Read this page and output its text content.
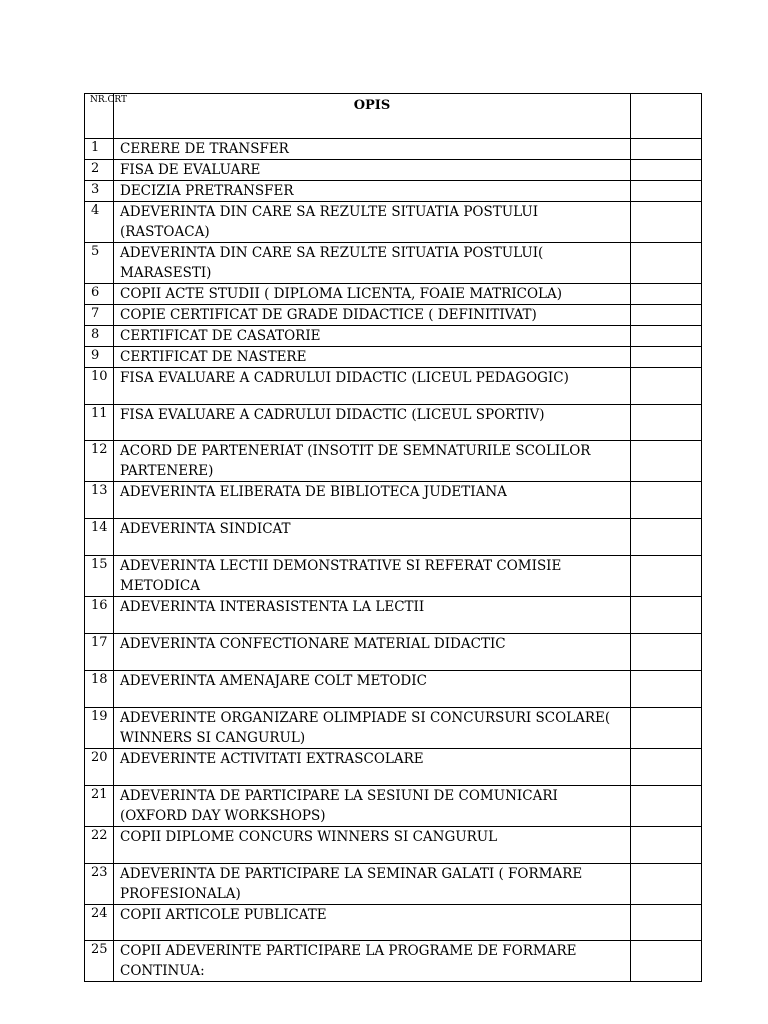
NR.CRT	OPIS	
1	CERERE DE TRANSFER	
2	FISA DE EVALUARE	
3	DECIZIA PRETRANSFER	
4	ADEVERINTA DIN CARE SA REZULTE SITUATIA POSTULUI (RASTOACA)	
5	ADEVERINTA DIN CARE SA REZULTE SITUATIA POSTULUI( MARASESTI)	
6	COPII ACTE STUDII ( DIPLOMA LICENTA, FOAIE MATRICOLA)	
7	COPIE CERTIFICAT DE GRADE DIDACTICE ( DEFINITIVAT)	
8	CERTIFICAT DE CASATORIE	
9	CERTIFICAT DE NASTERE	
10	FISA EVALUARE A CADRULUI DIDACTIC (LICEUL PEDAGOGIC)	
11	FISA EVALUARE A CADRULUI DIDACTIC (LICEUL SPORTIV)	
12	ACORD DE PARTENERIAT (INSOTIT DE SEMNATURILE SCOLILOR PARTENERE)	
13	ADEVERINTA ELIBERATA DE BIBLIOTECA JUDETIANA	
14	ADEVERINTA SINDICAT	
15	ADEVERINTA LECTII DEMONSTRATIVE SI REFERAT COMISIE METODICA	
16	ADEVERINTA INTERASISTENTA LA LECTII	
17	ADEVERINTA CONFECTIONARE MATERIAL DIDACTIC	
18	ADEVERINTA AMENAJARE COLT METODIC	
19	ADEVERINTE ORGANIZARE OLIMPIADE SI CONCURSURI SCOLARE( WINNERS SI CANGURUL)	
20	ADEVERINTE ACTIVITATI EXTRASCOLARE	
21	ADEVERINTA DE PARTICIPARE LA SESIUNI DE COMUNICARI (OXFORD DAY WORKSHOPS)	
22	COPII DIPLOME CONCURS WINNERS SI CANGURUL	
23	ADEVERINTA DE PARTICIPARE LA SEMINAR GALATI ( FORMARE PROFESIONALA)	
24	COPII ARTICOLE PUBLICATE	
25	COPII ADEVERINTE PARTICIPARE LA PROGRAME DE FORMARE CONTINUA:	
